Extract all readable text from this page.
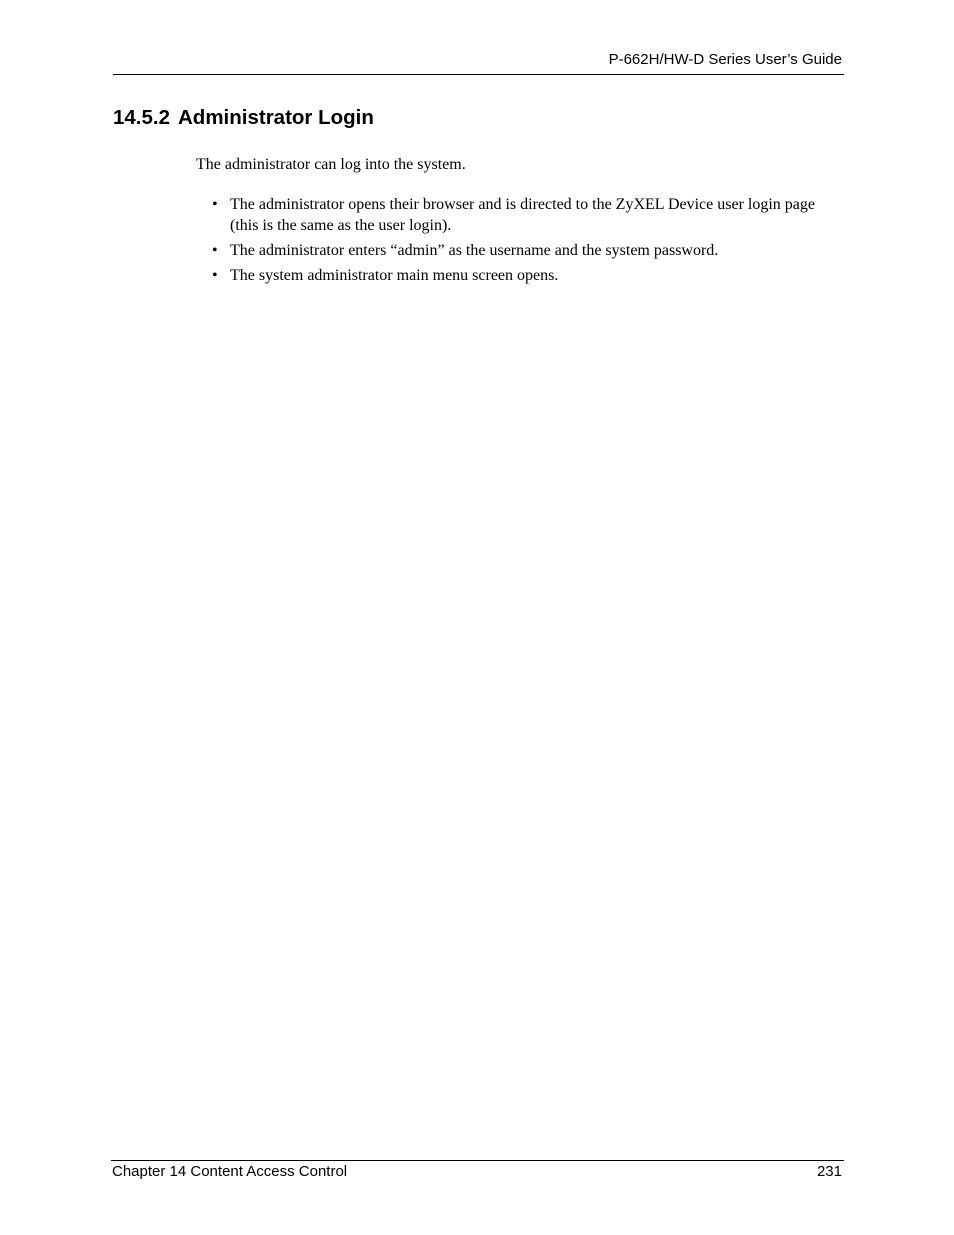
P-662H/HW-D Series User’s Guide
14.5.2 Administrator Login

The administrator can log into the system.

• The administrator opens their browser and is directed to the ZyXEL Device user login page (this is the same as the user login).
• The administrator enters “admin” as the username and the system password.
• The system administrator main menu screen opens.
Chapter 14 Content Access Control	231
